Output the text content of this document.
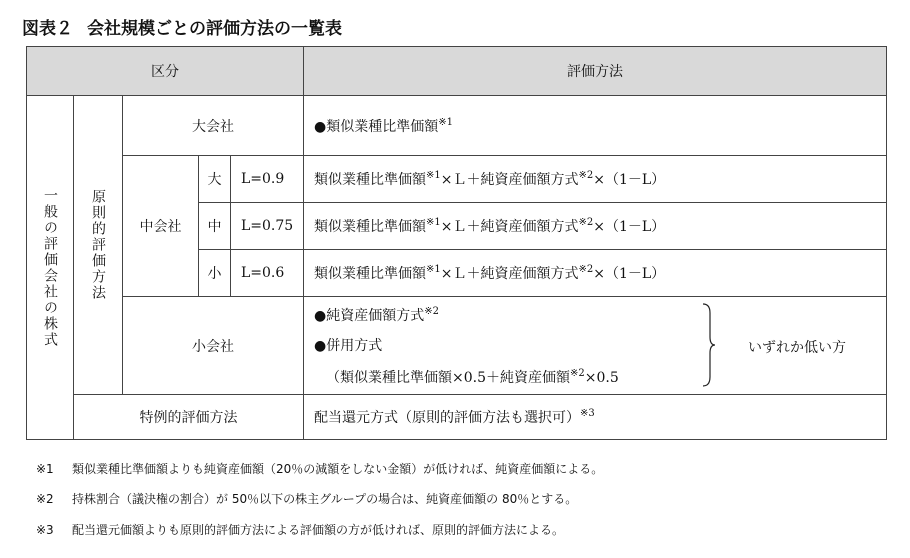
図表２ 会社規模ごとの評価方法の一覧表
区分					評価方法

一般の評価会社の株式	原則的評価方法	大会社			●類似業種比準価額$^{※1}$
		中会社	大	L=0.9	類似業種比準価額$^{※1}$×Ｌ＋純資産価額方式$^{※2}$×（1－L）
			中	L=0.75	類似業種比準価額$^{※1}$×Ｌ＋純資産価額方式$^{※2}$×（1－L）
			小	L=0.6	類似業種比準価額$^{※1}$×Ｌ＋純資産価額方式$^{※2}$×（1－L）
		小会社			●純資産価額方式$^{※2}$
●併用方式
（類似業種比準価額×0.5＋純資産価額$^{※2}$×0.5
いずれか低い方

	特例的評価方法				配当還元方式（原則的評価方法も選択可）$^{※3}$
※1 類似業種比準価額よりも純資産価額（20％の減額をしない金額）が低ければ、純資産価額による。
※2 持株割合（議決権の割合）が 50％以下の株主グループの場合は、純資産価額の 80％とする。
※3 配当還元価額よりも原則的評価方法による評価額の方が低ければ、原則的評価方法による。
